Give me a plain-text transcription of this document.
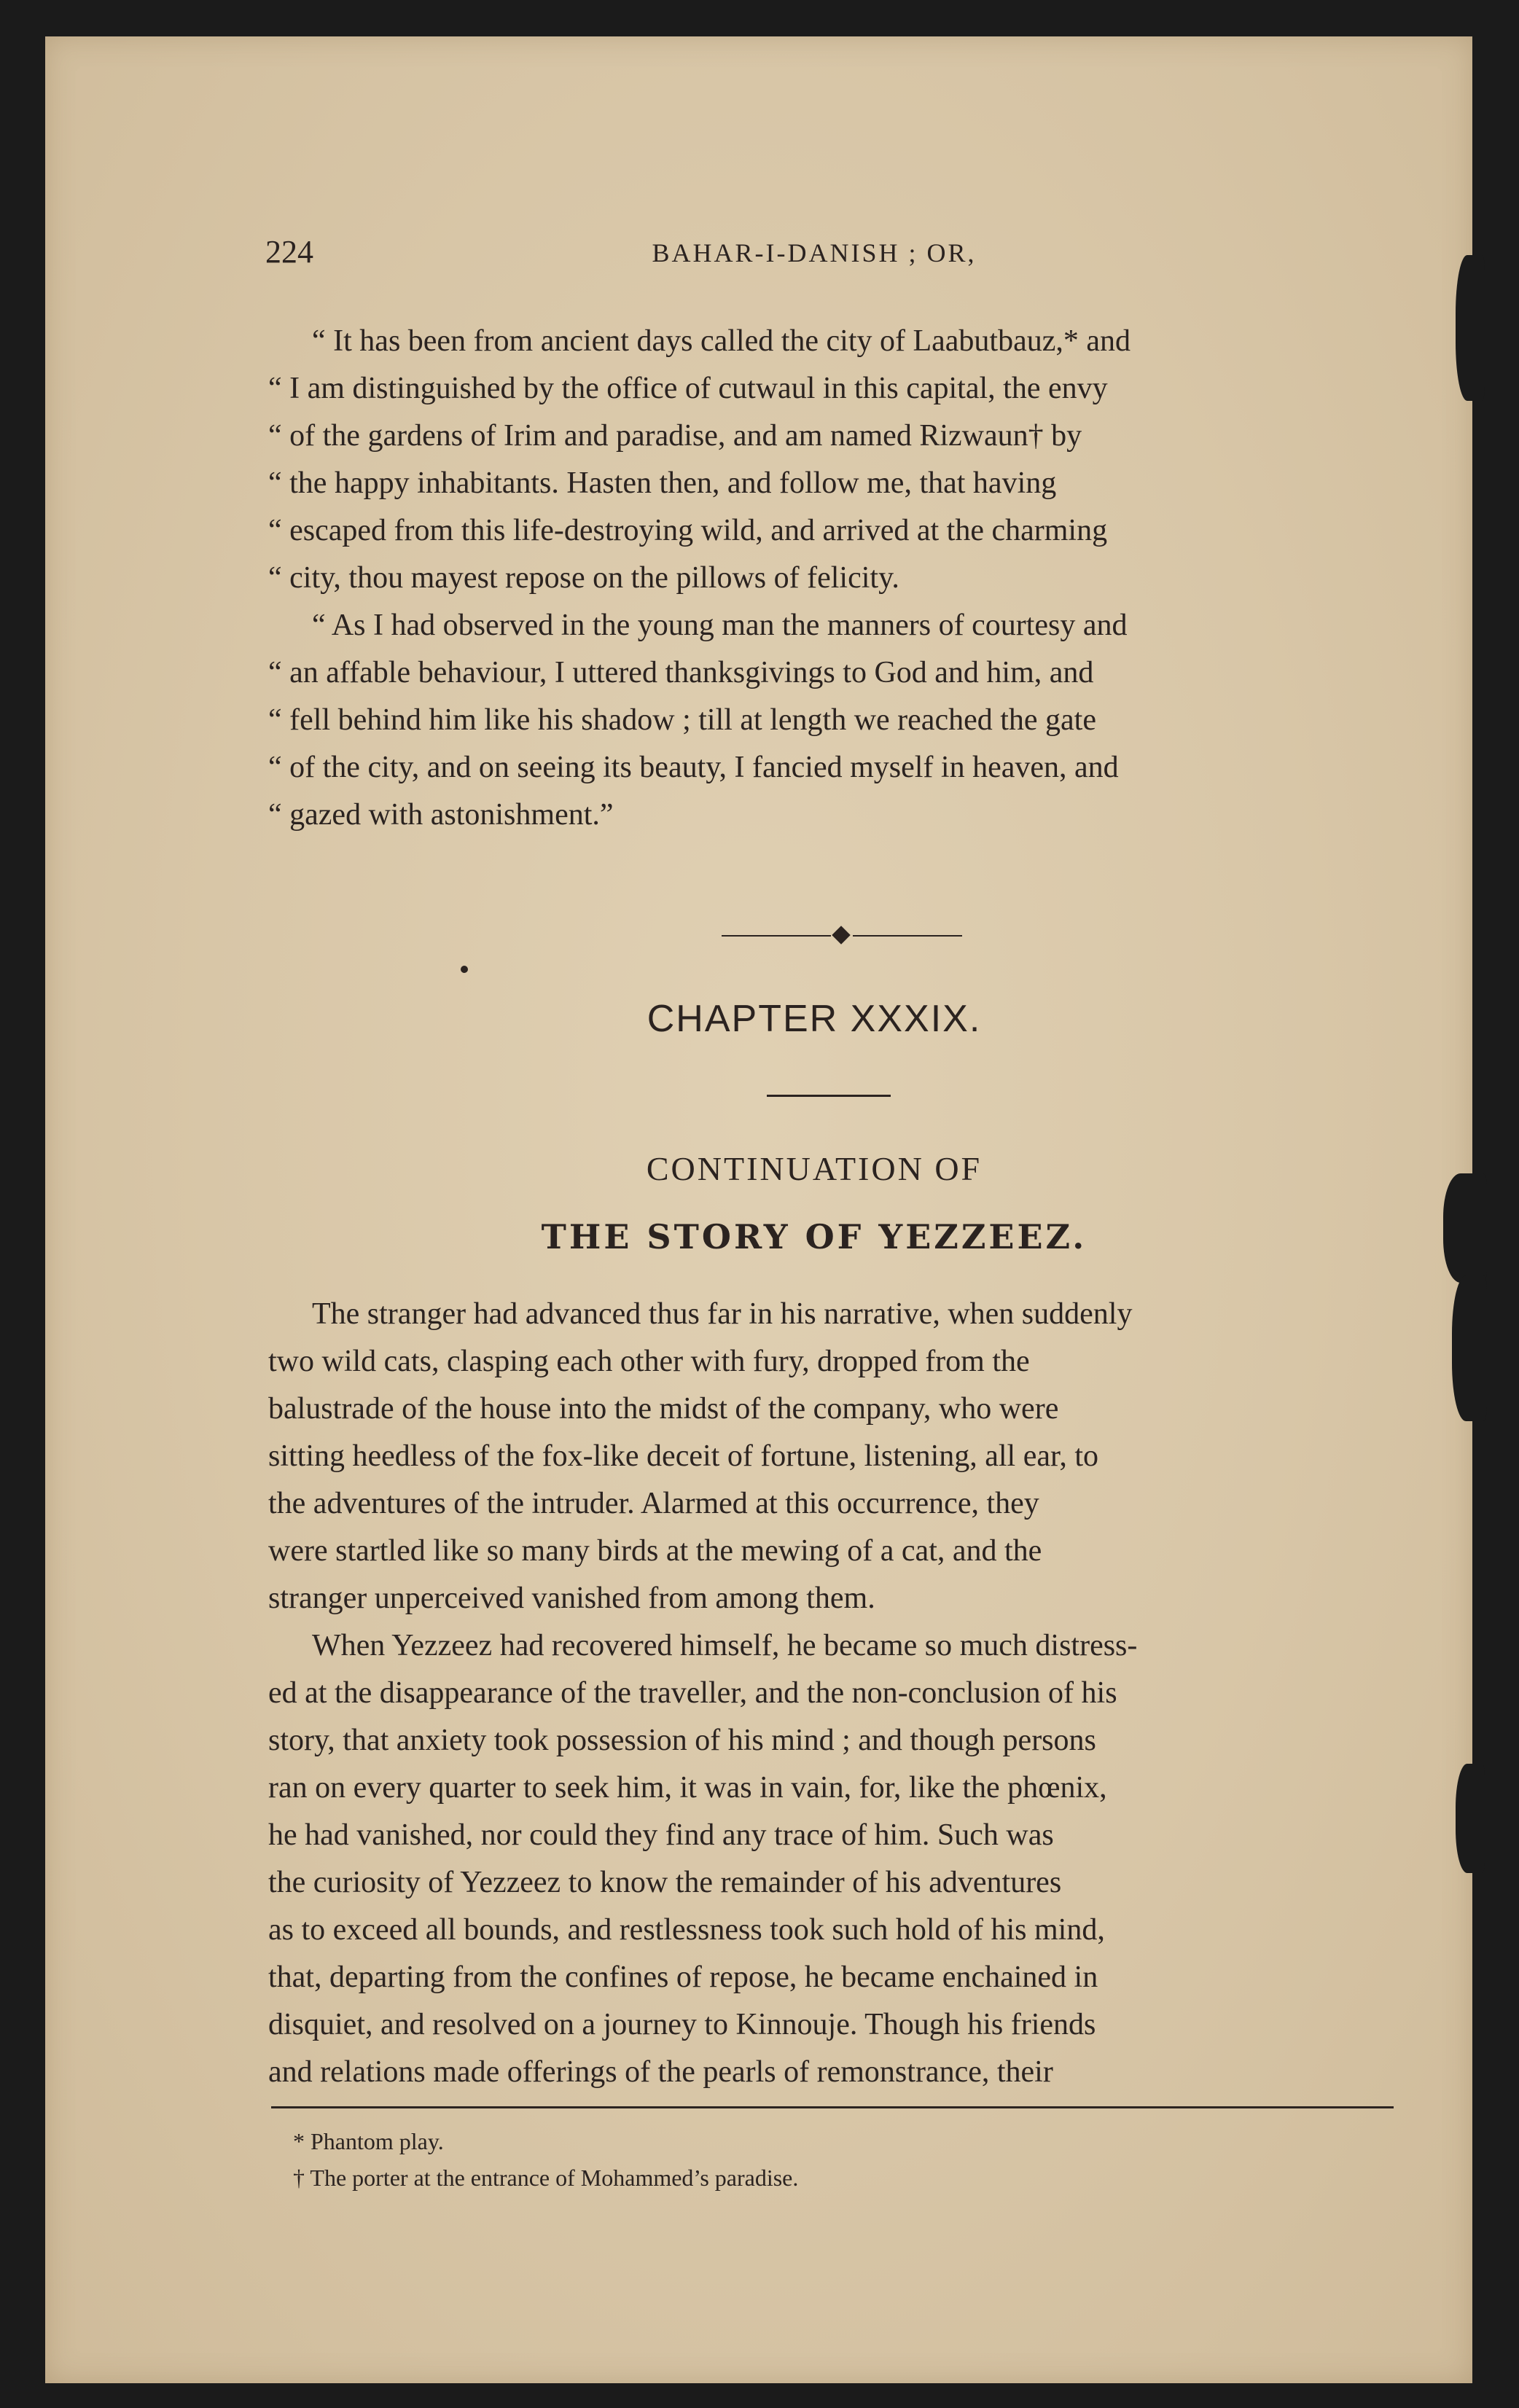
224	BAHAR-I-DANISH ; OR,
“ It has been from ancient days called the city of Laabutbauz,* and
“ I am distinguished by the office of cutwaul in this capital, the envy
“ of the gardens of Irim and paradise, and am named Rizwaun† by
“ the happy inhabitants. Hasten then, and follow me, that having
“ escaped from this life-destroying wild, and arrived at the charming
“ city, thou mayest repose on the pillows of felicity.
“ As I had observed in the young man the manners of courtesy and
“ an affable behaviour, I uttered thanksgivings to God and him, and
“ fell behind him like his shadow ; till at length we reached the gate
“ of the city, and on seeing its beauty, I fancied myself in heaven, and
“ gazed with astonishment.”
CHAPTER XXXIX.
CONTINUATION OF
THE STORY OF YEZZEEZ.
The stranger had advanced thus far in his narrative, when suddenly
two wild cats, clasping each other with fury, dropped from the
balustrade of the house into the midst of the company, who were
sitting heedless of the fox-like deceit of fortune, listening, all ear, to
the adventures of the intruder. Alarmed at this occurrence, they
were startled like so many birds at the mewing of a cat, and the
stranger unperceived vanished from among them.
When Yezzeez had recovered himself, he became so much distress-
ed at the disappearance of the traveller, and the non-conclusion of his
story, that anxiety took possession of his mind ; and though persons
ran on every quarter to seek him, it was in vain, for, like the phœnix,
he had vanished, nor could they find any trace of him. Such was
the curiosity of Yezzeez to know the remainder of his adventures
as to exceed all bounds, and restlessness took such hold of his mind,
that, departing from the confines of repose, he became enchained in
disquiet, and resolved on a journey to Kinnouje. Though his friends
and relations made offerings of the pearls of remonstrance, their
* Phantom play.
† The porter at the entrance of Mohammed’s paradise.
